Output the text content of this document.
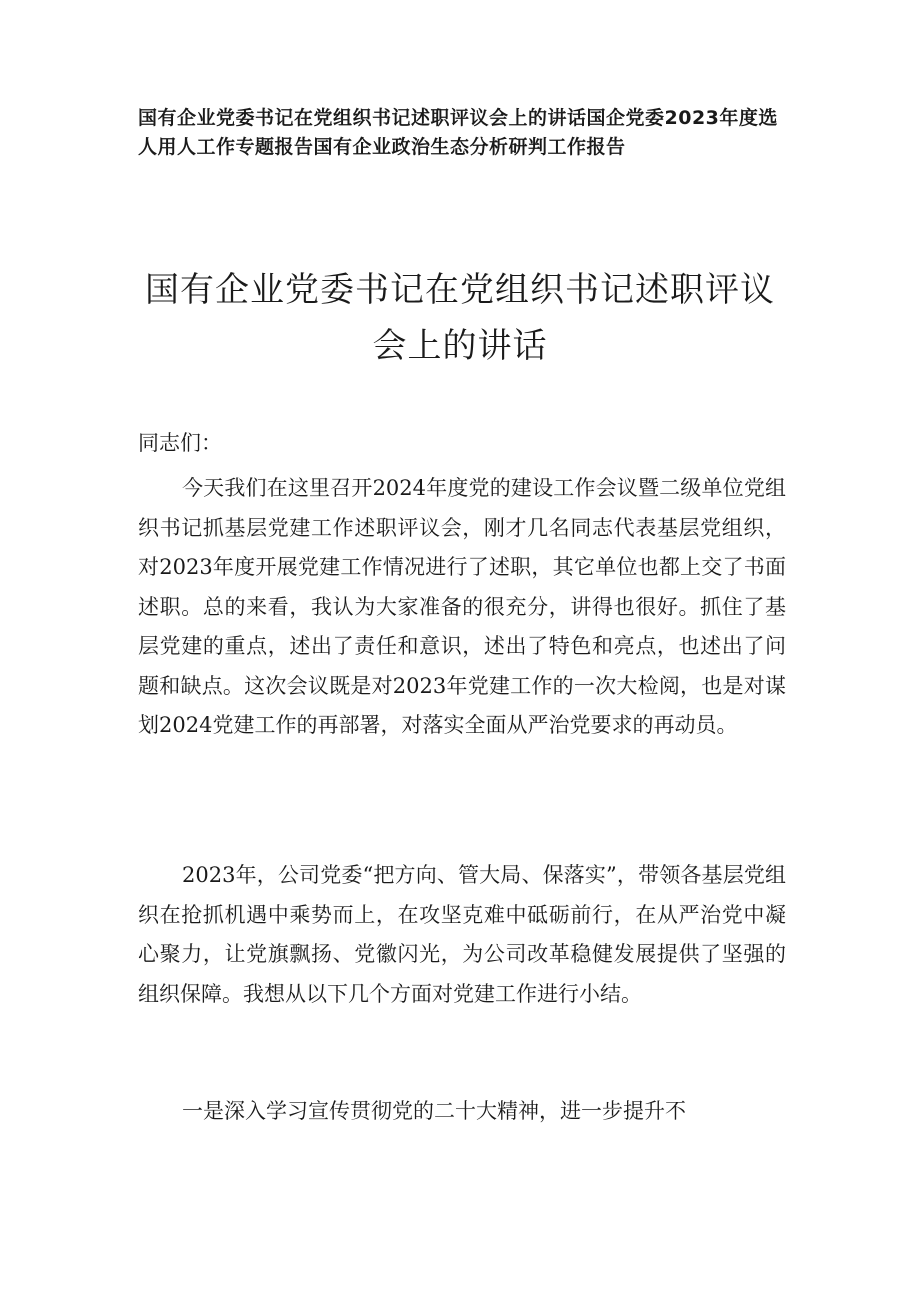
国有企业党委书记在党组织书记述职评议会上的讲话国企党委2023年度选人用人工作专题报告国有企业政治生态分析研判工作报告
国有企业党委书记在党组织书记述职评议会上的讲话

同志们：

今天我们在这里召开2024年度党的建设工作会议暨二级单位党组织书记抓基层党建工作述职评议会，刚才几名同志代表基层党组织，对2023年度开展党建工作情况进行了述职，其它单位也都上交了书面述职。总的来看，我认为大家准备的很充分，讲得也很好。抓住了基层党建的重点，述出了责任和意识，述出了特色和亮点，也述出了问题和缺点。这次会议既是对2023年党建工作的一次大检阅，也是对谋划2024党建工作的再部署，对落实全面从严治党要求的再动员。

2023年，公司党委“把方向、管大局、保落实”，带领各基层党组织在抢抓机遇中乘势而上，在攻坚克难中砥砺前行，在从严治党中凝心聚力，让党旗飘扬、党徽闪光，为公司改革稳健发展提供了坚强的组织保障。我想从以下几个方面对党建工作进行小结。

一是深入学习宣传贯彻党的二十大精神，进一步提升不
